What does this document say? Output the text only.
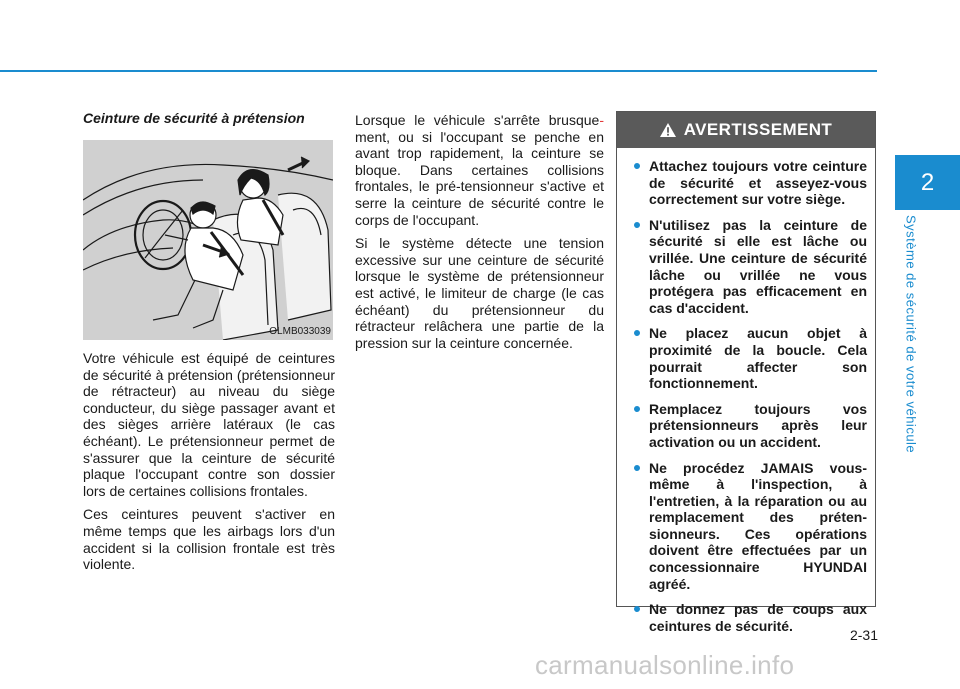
2
Système de sécurité de votre véhicule
Ceinture de sécurité à prétension
OLMB033039

Votre véhicule est équipé de ceintures de sécurité à prétension (prétensionneur de rétracteur) au niveau du siège conducteur, du siège passager avant et des sièges arrière latéraux (le cas échéant). Le prétensionneur permet de s'assurer que la ceinture de sécurité plaque l'occupant contre son dossier lors de certaines collisions frontales.

Ces ceintures peuvent s'activer en même temps que les airbags lors d'un accident si la collision frontale est très violente.

Lorsque le véhicule s'arrête brusque-ment, ou si l'occupant se penche en avant trop rapidement, la ceinture se bloque. Dans certaines collisions frontales, le pré-tensionneur s'active et serre la ceinture de sécurité contre le corps de l'occupant.

Si le système détecte une tension excessive sur une ceinture de sécurité lorsque le système de prétensionneur est activé, le limiteur de charge (le cas échéant) du prétensionneur du rétracteur relâchera une partie de la pression sur la ceinture concernée.

AVERTISSEMENT
Attachez toujours votre ceinture de sécurité et asseyez-vous correctement sur votre siège.
N'utilisez pas la ceinture de sécurité si elle est lâche ou vrillée. Une ceinture de sécurité lâche ou vrillée ne vous protégera pas efficacement en cas d'accident.
Ne placez aucun objet à proximité de la boucle. Cela pourrait affecter son fonctionnement.
Remplacez toujours vos prétensionneurs après leur activation ou un accident.
Ne procédez JAMAIS vous-même à l'inspection, à l'entretien, à la réparation ou au remplacement des préten-sionneurs. Ces opérations doivent être effectuées par un concessionnaire HYUNDAI agréé.
Ne donnez pas de coups aux ceintures de sécurité.
2-31
carmanualsonline.info
